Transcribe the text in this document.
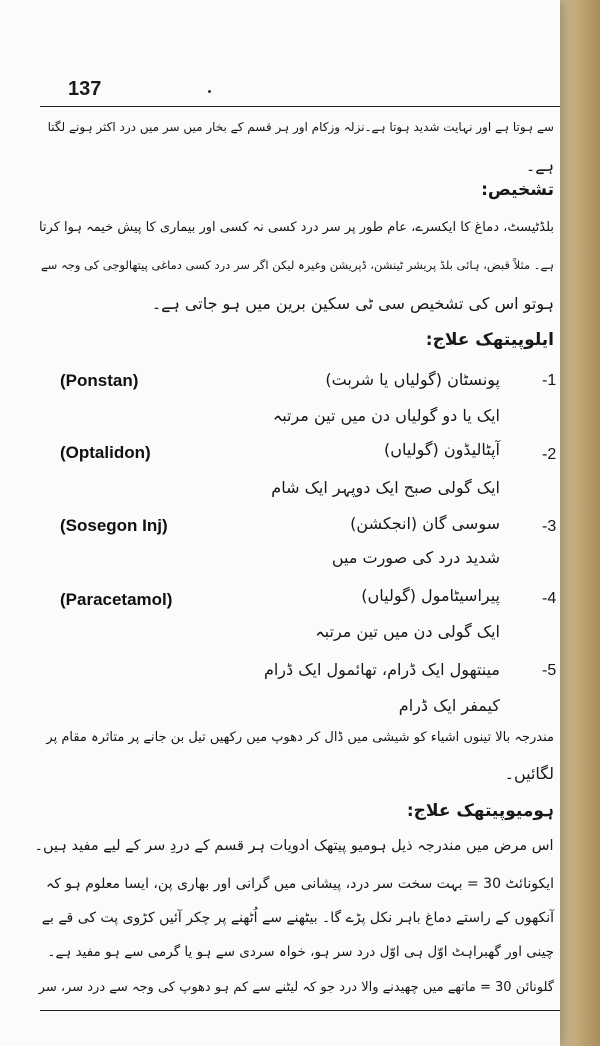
137
سے ہوتا ہے اور نہایت شدید ہوتا ہے۔نزلہ وزکام اور ہر قسم کے بخار میں سر میں درد اکثر ہونے لگتا
ہے۔
تشخیص:
بلڈٹیسٹ، دماغ کا ایکسرے، عام طور پر سر درد کسی نہ کسی اور بیماری کا پیش خیمہ ہوا کرتا
ہے۔ مثلاً قبض، ہائی بلڈ پریشر ٹینشن، ڈپریشن وغیرہ لیکن اگر سر درد کسی دماغی پیتھالوجی کی وجہ سے
ہوتو اس کی تشخیص سی ٹی سکین برین میں ہو جاتی ہے۔
ایلوپیتھک علاج:
-1
پونسٹان (گولیاں یا شربت)
(Ponstan)
ایک یا دو گولیاں دن میں تین مرتبہ
-2
آپٹالیڈون (گولیاں)
(Optalidon)
ایک گولی صبح ایک دوپہر ایک شام
-3
سوسی گان (انجکشن)
(Sosegon Inj)
شدید درد کی صورت میں
-4
پیراسیٹامول (گولیاں)
(Paracetamol)
ایک گولی دن میں تین مرتبہ
-5
مینتھول ایک ڈرام، تھائمول ایک ڈرام
کیمفر ایک ڈرام
مندرجہ بالا تینوں اشیاء کو شیشی میں ڈال کر دھوپ میں رکھیں تیل بن جانے پر متاثرہ مقام پر
لگائیں۔
ہومیوپیتھک علاج:
اس مرض میں مندرجہ ذیل ہومیو پیتھک ادویات ہر قسم کے دردِ سر کے لیے مفید ہیں۔
ایکونائٹ 30 = بہت سخت سر درد، پیشانی میں گرانی اور بھاری پن، ایسا معلوم ہو کہ
آنکھوں کے راستے دماغ باہر نکل پڑے گا۔ بیٹھنے سے اُٹھنے پر چکر آئیں کڑوی پت کی قے بے
چینی اور گھبراہٹ اوّل ہی اوّل درد سر ہو، خواہ سردی سے ہو یا گرمی سے ہو مفید ہے۔
گلونائن 30 = ماتھے میں چھیدنے والا درد جو کہ لیٹنے سے کم ہو دھوپ کی وجہ سے درد سر، سر
